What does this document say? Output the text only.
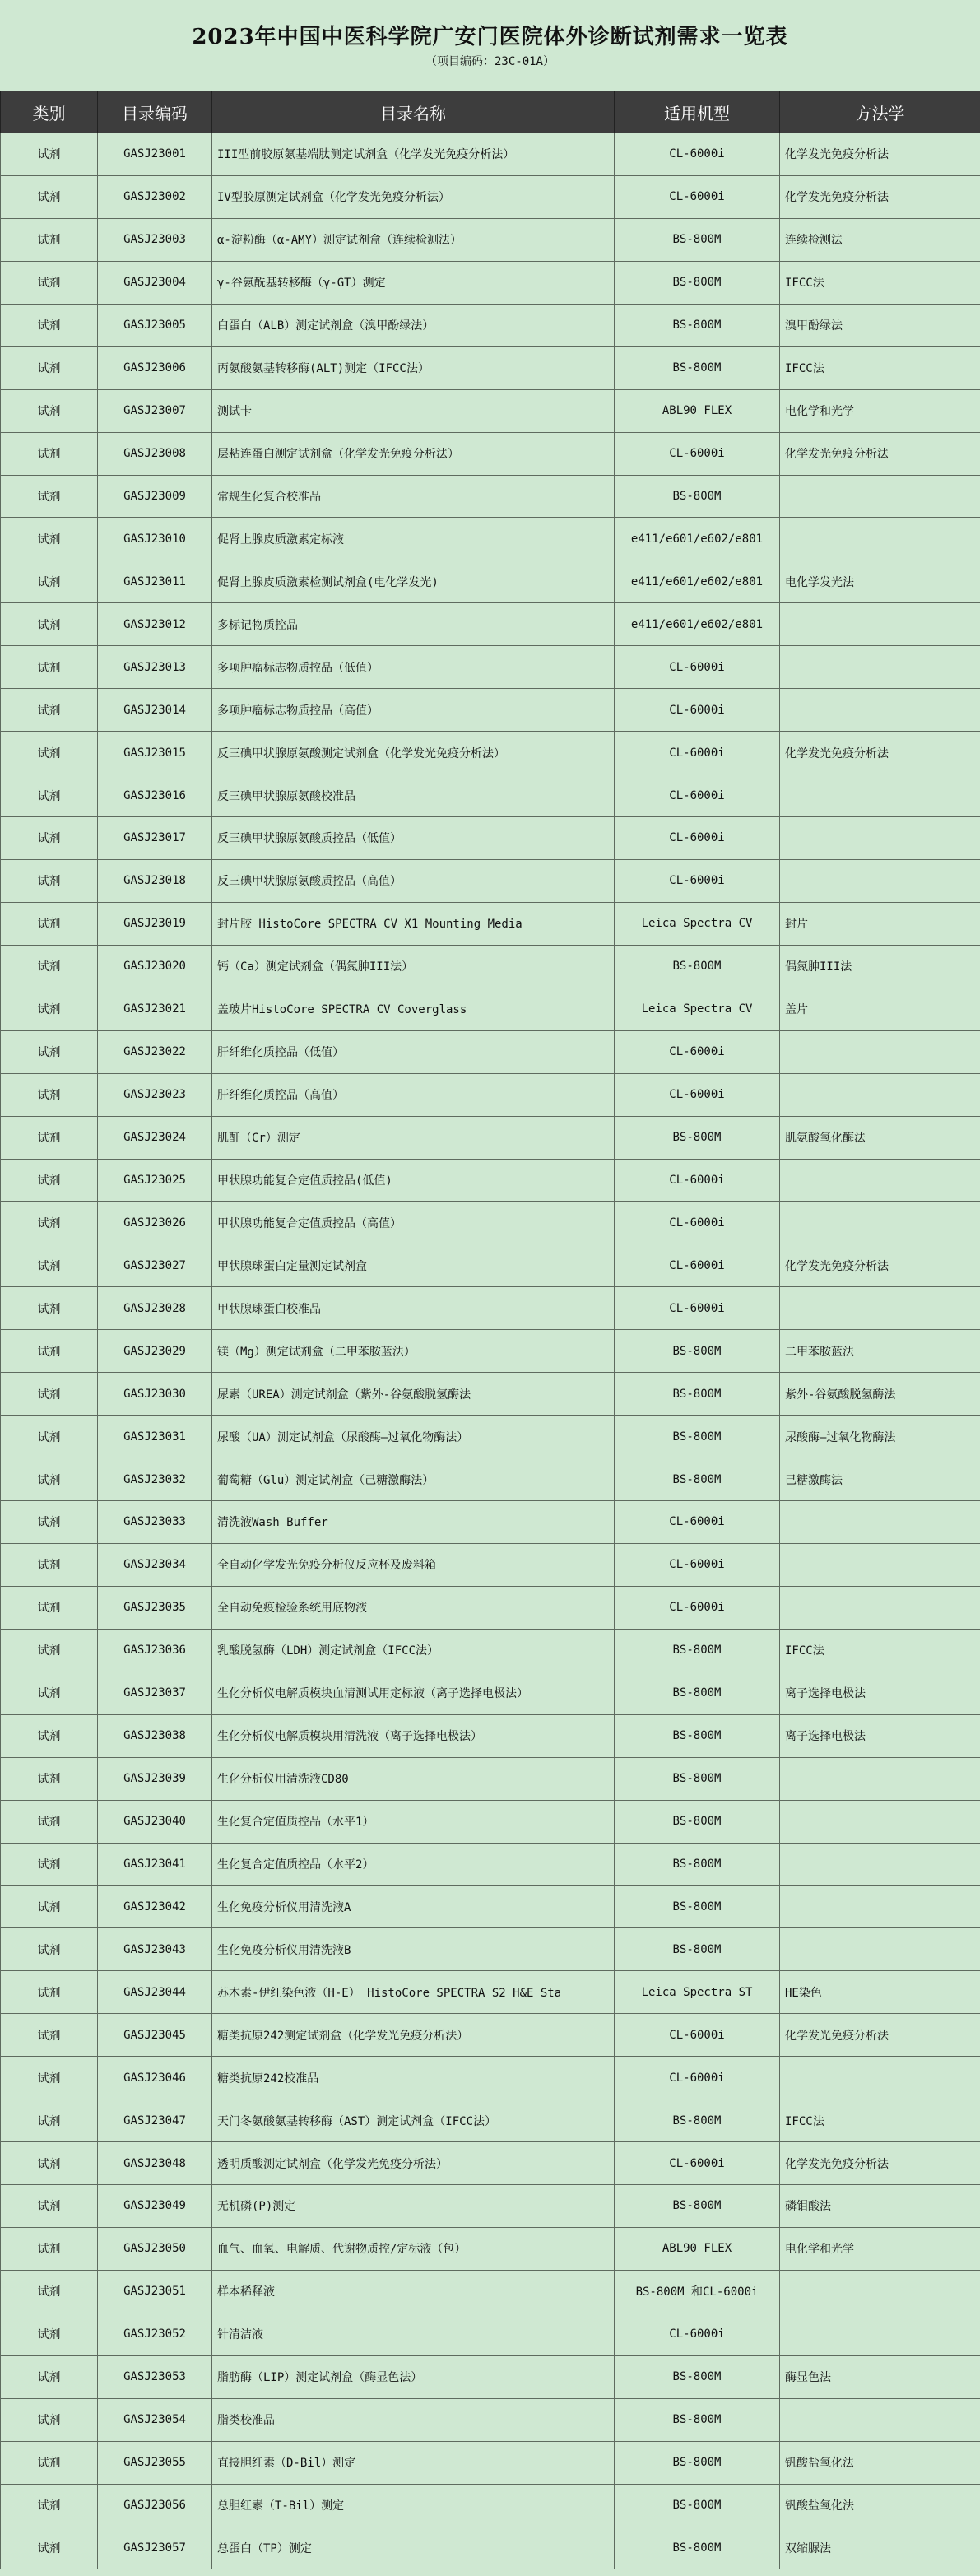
2023年中国中医科学院广安门医院体外诊断试剂需求一览表
（项目编码：23C-01A）
类别	目录编码	目录名称	适用机型	方法学
试剂	GASJ23001	III型前胶原氨基端肽测定试剂盒（化学发光免疫分析法）	CL-6000i	化学发光免疫分析法
试剂	GASJ23002	IV型胶原测定试剂盒（化学发光免疫分析法）	CL-6000i	化学发光免疫分析法
试剂	GASJ23003	α-淀粉酶（α-AMY）测定试剂盒（连续检测法）	BS-800M	连续检测法
试剂	GASJ23004	γ-谷氨酰基转移酶（γ-GT）测定	BS-800M	IFCC法
试剂	GASJ23005	白蛋白（ALB）测定试剂盒（溴甲酚绿法）	BS-800M	溴甲酚绿法
试剂	GASJ23006	丙氨酸氨基转移酶(ALT)测定（IFCC法）	BS-800M	IFCC法
试剂	GASJ23007	测试卡	ABL90 FLEX	电化学和光学
试剂	GASJ23008	层粘连蛋白测定试剂盒（化学发光免疫分析法）	CL-6000i	化学发光免疫分析法
试剂	GASJ23009	常规生化复合校准品	BS-800M	
试剂	GASJ23010	促肾上腺皮质激素定标液	e411/e601/e602/e801	
试剂	GASJ23011	促肾上腺皮质激素检测试剂盒(电化学发光)	e411/e601/e602/e801	电化学发光法
试剂	GASJ23012	多标记物质控品	e411/e601/e602/e801	
试剂	GASJ23013	多项肿瘤标志物质控品（低值）	CL-6000i	
试剂	GASJ23014	多项肿瘤标志物质控品（高值）	CL-6000i	
试剂	GASJ23015	反三碘甲状腺原氨酸测定试剂盒（化学发光免疫分析法）	CL-6000i	化学发光免疫分析法
试剂	GASJ23016	反三碘甲状腺原氨酸校准品	CL-6000i	
试剂	GASJ23017	反三碘甲状腺原氨酸质控品（低值）	CL-6000i	
试剂	GASJ23018	反三碘甲状腺原氨酸质控品（高值）	CL-6000i	
试剂	GASJ23019	封片胶 HistoCore SPECTRA CV X1 Mounting Media	Leica Spectra CV	封片
试剂	GASJ23020	钙（Ca）测定试剂盒（偶氮胂III法）	BS-800M	偶氮胂III法
试剂	GASJ23021	盖玻片HistoCore SPECTRA CV Coverglass	Leica Spectra CV	盖片
试剂	GASJ23022	肝纤维化质控品（低值）	CL-6000i	
试剂	GASJ23023	肝纤维化质控品（高值）	CL-6000i	
试剂	GASJ23024	肌酐（Cr）测定	BS-800M	肌氨酸氧化酶法
试剂	GASJ23025	甲状腺功能复合定值质控品(低值)	CL-6000i	
试剂	GASJ23026	甲状腺功能复合定值质控品（高值）	CL-6000i	
试剂	GASJ23027	甲状腺球蛋白定量测定试剂盒	CL-6000i	化学发光免疫分析法
试剂	GASJ23028	甲状腺球蛋白校准品	CL-6000i	
试剂	GASJ23029	镁（Mg）测定试剂盒（二甲苯胺蓝法）	BS-800M	二甲苯胺蓝法
试剂	GASJ23030	尿素（UREA）测定试剂盒（紫外-谷氨酸脱氢酶法	BS-800M	紫外-谷氨酸脱氢酶法
试剂	GASJ23031	尿酸（UA）测定试剂盒（尿酸酶—过氧化物酶法）	BS-800M	尿酸酶—过氧化物酶法
试剂	GASJ23032	葡萄糖（Glu）测定试剂盒（己糖激酶法）	BS-800M	己糖激酶法
试剂	GASJ23033	清洗液Wash Buffer	CL-6000i	
试剂	GASJ23034	全自动化学发光免疫分析仪反应杯及废料箱	CL-6000i	
试剂	GASJ23035	全自动免疫检验系统用底物液	CL-6000i	
试剂	GASJ23036	乳酸脱氢酶（LDH）测定试剂盒（IFCC法）	BS-800M	IFCC法
试剂	GASJ23037	生化分析仪电解质模块血清测试用定标液（离子选择电极法）	BS-800M	离子选择电极法
试剂	GASJ23038	生化分析仪电解质模块用清洗液（离子选择电极法）	BS-800M	离子选择电极法
试剂	GASJ23039	生化分析仪用清洗液CD80	BS-800M	
试剂	GASJ23040	生化复合定值质控品（水平1）	BS-800M	
试剂	GASJ23041	生化复合定值质控品（水平2）	BS-800M	
试剂	GASJ23042	生化免疫分析仪用清洗液A	BS-800M	
试剂	GASJ23043	生化免疫分析仪用清洗液B	BS-800M	
试剂	GASJ23044	苏木素-伊红染色液（H-E） HistoCore SPECTRA S2 H&E Sta	Leica Spectra ST	HE染色
试剂	GASJ23045	糖类抗原242测定试剂盒（化学发光免疫分析法）	CL-6000i	化学发光免疫分析法
试剂	GASJ23046	糖类抗原242校准品	CL-6000i	
试剂	GASJ23047	天门冬氨酸氨基转移酶（AST）测定试剂盒（IFCC法）	BS-800M	IFCC法
试剂	GASJ23048	透明质酸测定试剂盒（化学发光免疫分析法）	CL-6000i	化学发光免疫分析法
试剂	GASJ23049	无机磷(P)测定	BS-800M	磷钼酸法
试剂	GASJ23050	血气、血氧、电解质、代谢物质控/定标液（包）	ABL90 FLEX	电化学和光学
试剂	GASJ23051	样本稀释液	BS-800M 和CL-6000i	
试剂	GASJ23052	针清洁液	CL-6000i	
试剂	GASJ23053	脂肪酶（LIP）测定试剂盒（酶显色法）	BS-800M	酶显色法
试剂	GASJ23054	脂类校准品	BS-800M	
试剂	GASJ23055	直接胆红素（D-Bil）测定	BS-800M	钒酸盐氧化法
试剂	GASJ23056	总胆红素（T-Bil）测定	BS-800M	钒酸盐氧化法
试剂	GASJ23057	总蛋白（TP）测定	BS-800M	双缩脲法
